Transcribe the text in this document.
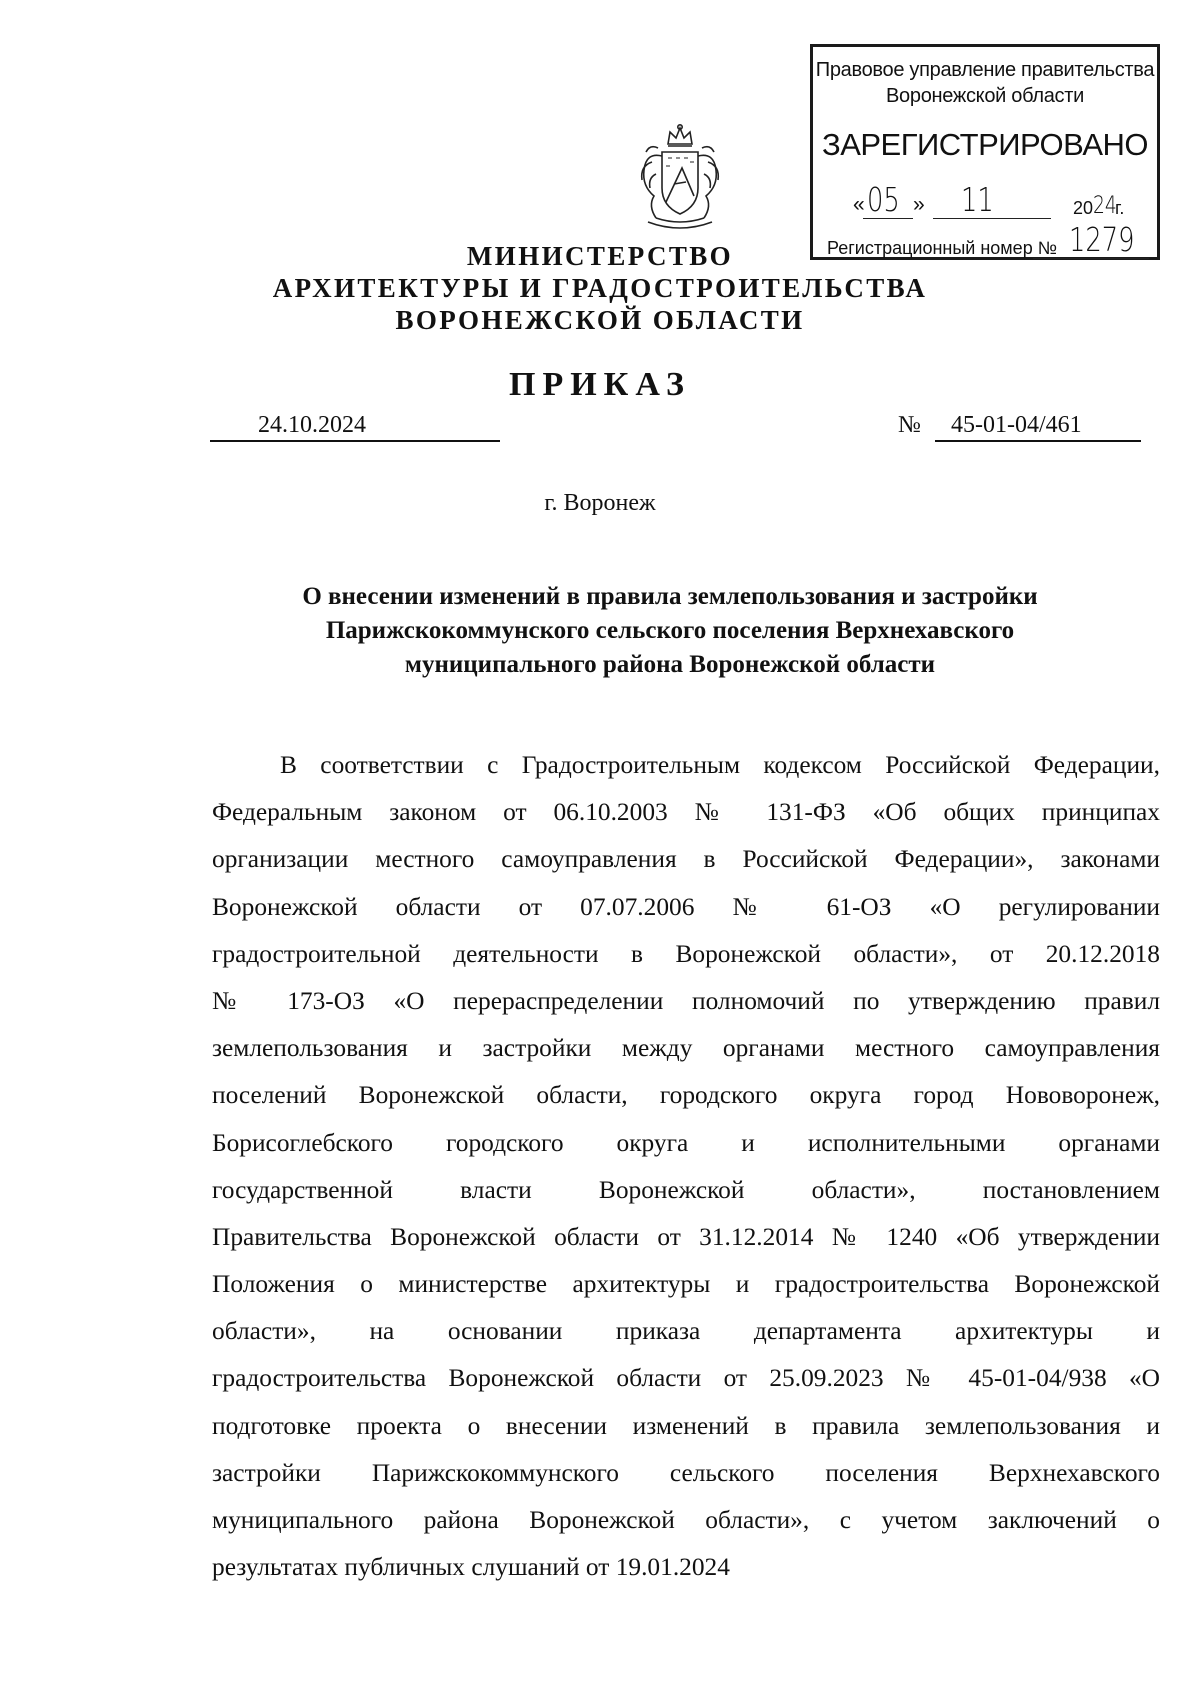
Правовое управление правительства
Воронежской области
ЗАРЕГИСТРИРОВАНО
« 05 » 11	20 24
г.
Регистрационный номер № 1279
МИНИСТЕРСТВО
АРХИТЕКТУРЫ И ГРАДОСТРОИТЕЛЬСТВА
ВОРОНЕЖСКОЙ ОБЛАСТИ
ПРИКАЗ
24.10.2024	№ 45-01-04/461
г. Воронеж
О внесении изменений в правила землепользования и застройки
Парижскокоммунского сельского поселения Верхнехавского
муниципального района Воронежской области
В соответствии с Градостроительным кодексом Российской Федерации,
Федеральным законом от 06.10.2003 № 131-ФЗ «Об общих принципах
организации местного самоуправления в Российской Федерации», законами
Воронежской области от 07.07.2006 № 61-ОЗ «О регулировании
градостроительной деятельности в Воронежской области», от 20.12.2018
№ 173-ОЗ «О перераспределении полномочий по утверждению правил
землепользования и застройки между органами местного самоуправления
поселений Воронежской области, городского округа город Нововоронеж,
Борисоглебского городского округа и исполнительными органами
государственной власти Воронежской области», постановлением
Правительства Воронежской области от 31.12.2014 № 1240 «Об утверждении
Положения о министерстве архитектуры и градостроительства Воронежской
области», на основании приказа департамента архитектуры и
градостроительства Воронежской области от 25.09.2023 № 45-01-04/938 «О
подготовке проекта о внесении изменений в правила землепользования и
застройки Парижскокоммунского сельского поселения Верхнехавского
муниципального района Воронежской области», с учетом заключений о
результатах публичных слушаний от 19.01.2024
